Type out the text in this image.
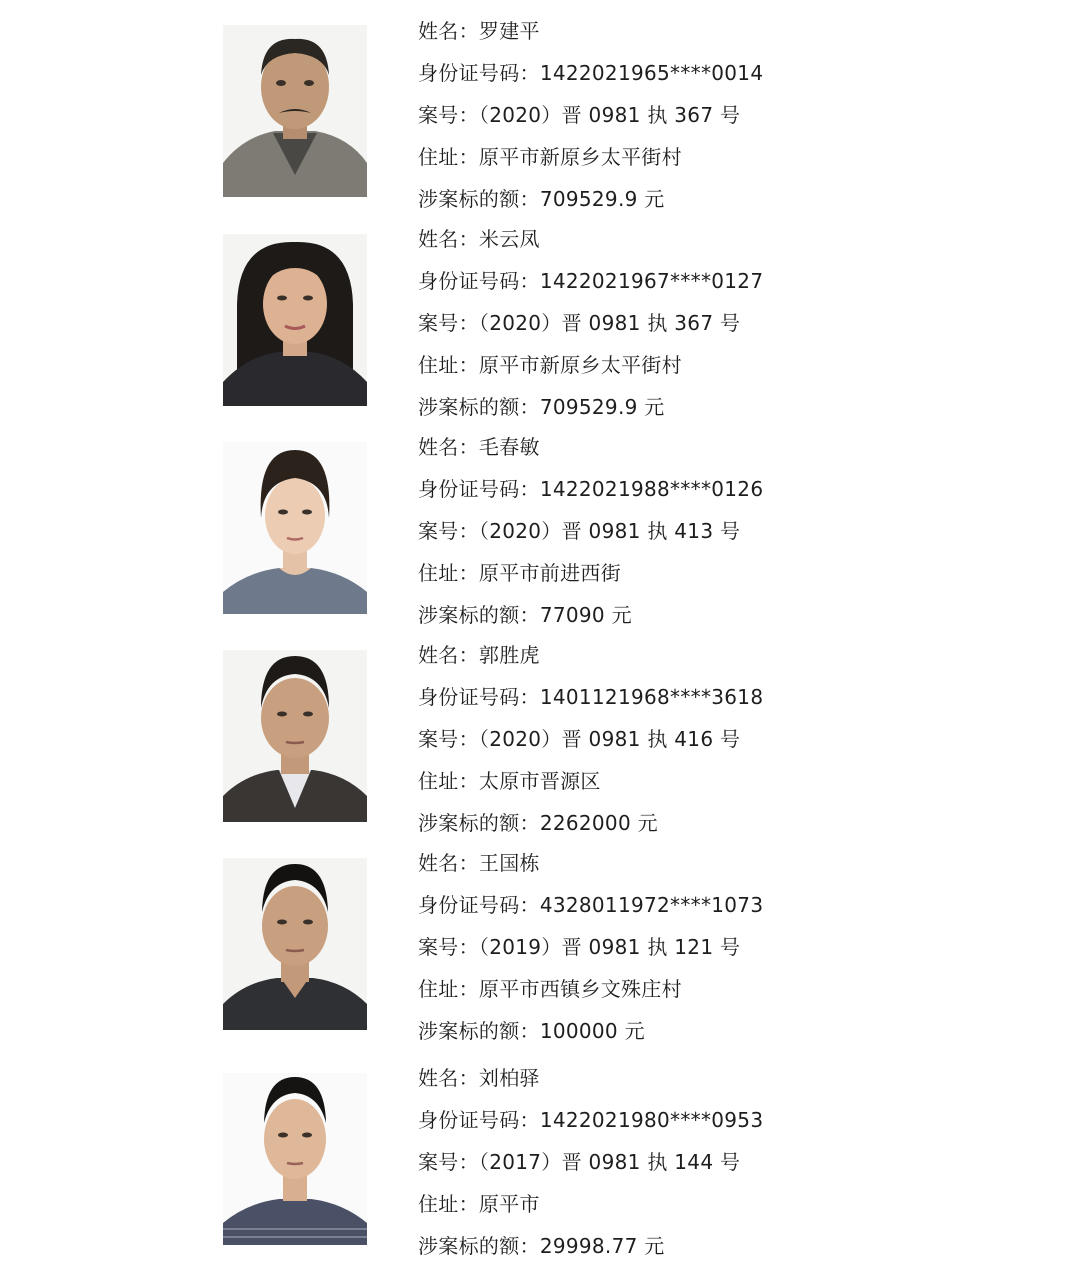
姓名：罗建平
身份证号码：1422021965****0014
案号：（2020）晋 0981 执 367 号
住址：原平市新原乡太平街村
涉案标的额：709529.9 元
姓名：米云凤
身份证号码：1422021967****0127
案号：（2020）晋 0981 执 367 号
住址：原平市新原乡太平街村
涉案标的额：709529.9 元
姓名：毛春敏
身份证号码：1422021988****0126
案号：（2020）晋 0981 执 413 号
住址：原平市前进西街
涉案标的额：77090 元
姓名：郭胜虎
身份证号码：1401121968****3618
案号：（2020）晋 0981 执 416 号
住址：太原市晋源区
涉案标的额：2262000 元
姓名：王国栋
身份证号码：4328011972****1073
案号：（2019）晋 0981 执 121 号
住址：原平市西镇乡文殊庄村
涉案标的额：100000 元
姓名：刘柏驿
身份证号码：1422021980****0953
案号：（2017）晋 0981 执 144 号
住址：原平市
涉案标的额：29998.77 元
